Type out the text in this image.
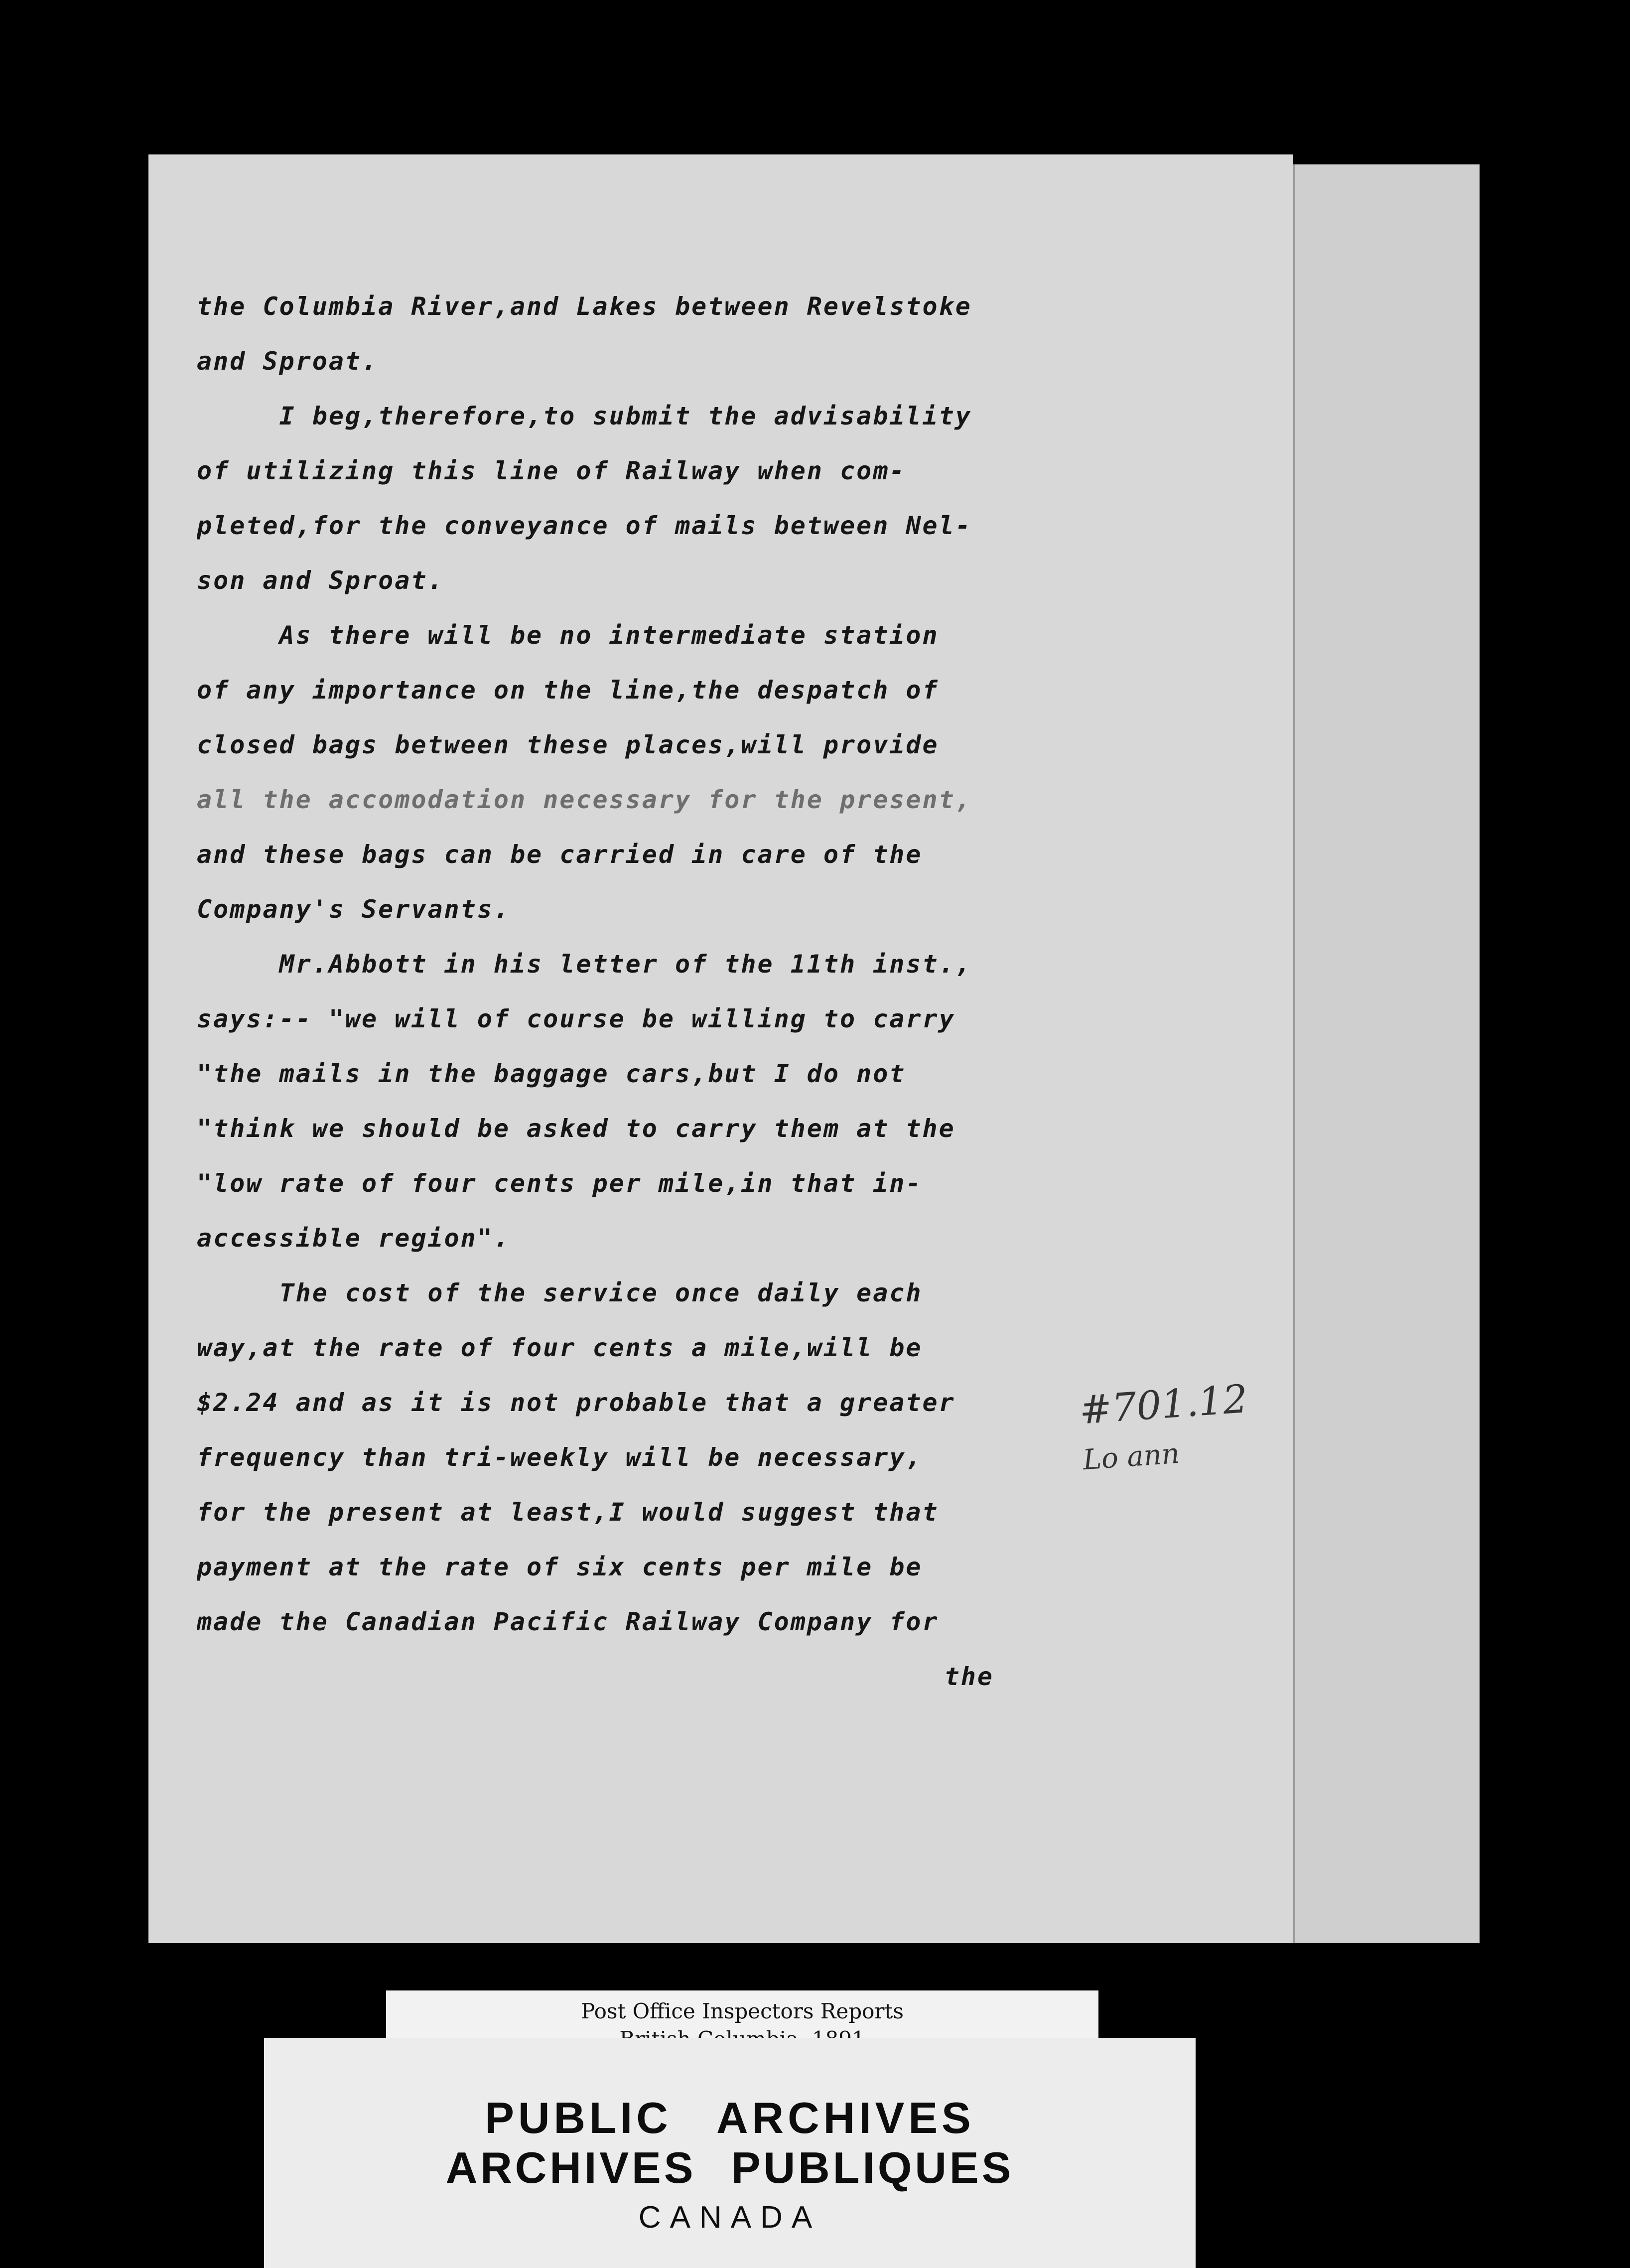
the Columbia River,and Lakes between Revelstoke
and Sproat.
I beg,therefore,to submit the advisability
of utilizing this line of Railway when com-
pleted,for the conveyance of mails between Nel-
son and Sproat.
As there will be no intermediate station
of any importance on the line,the despatch of
closed bags between these places,will provide
all the accomodation necessary for the present,
and these bags can be carried in care of the
Company's Servants.
Mr.Abbott in his letter of the 11th inst.,
says:-- "we will of course be willing to carry
"the mails in the baggage cars,but I do not
"think we should be asked to carry them at the
"low rate of four cents per mile,in that in-
accessible region".
The cost of the service once daily each
way,at the rate of four cents a mile,will be
$2.24 and as it is not probable that a greater
frequency than tri-weekly will be necessary,
for the present at least,I would suggest that
payment at the rate of six cents per mile be
made the Canadian Pacific Railway Company for
the
#701.12
Lo ann
Post Office Inspectors Reports
PUBLIC ARCHIVES
ARCHIVES PUBLIQUES
CANADA
